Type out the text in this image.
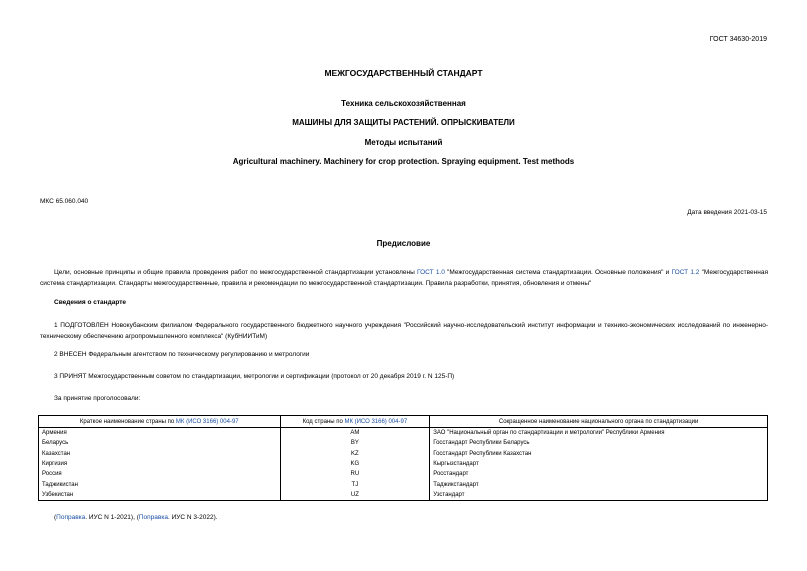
ГОСТ 34630-2019
МЕЖГОСУДАРСТВЕННЫЙ СТАНДАРТ
Техника сельскохозяйственная
МАШИНЫ ДЛЯ ЗАЩИТЫ РАСТЕНИЙ. ОПРЫСКИВАТЕЛИ
Методы испытаний
Agricultural machinery. Machinery for crop protection. Spraying equipment. Test methods
МКС 65.060.040
Дата введения 2021-03-15
Предисловие
Цели, основные принципы и общие правила проведения работ по межгосударственной стандартизации установлены ГОСТ 1.0 "Межгосударственная система стандартизации. Основные положения" и ГОСТ 1.2 "Межгосударственная система стандартизации. Стандарты межгосударственные, правила и рекомендации по межгосударственной стандартизации. Правила разработки, принятия, обновления и отмены"
Сведения о стандарте
1 ПОДГОТОВЛЕН Новокубанским филиалом Федерального государственного бюджетного научного учреждения "Российский научно-исследовательский институт информации и технико-экономических исследований по инженерно-техническому обеспечению агропромышленного комплекса" (КубНИИТиМ)
2 ВНЕСЕН Федеральным агентством по техническому регулированию и метрологии
3 ПРИНЯТ Межгосударственным советом по стандартизации, метрологии и сертификации (протокол от 20 декабря 2019 г. N 125-П)
За принятие проголосовали:
Краткое наименование страны по МК (ИСО 3166) 004-97	Код страны по МК (ИСО 3166) 004-97	Сокращенное наименование национального органа по стандартизации
Армения	AM	ЗАО "Национальный орган по стандартизации и метрологии" Республики Армения
Беларусь	BY	Госстандарт Республики Беларусь
Казахстан	KZ	Госстандарт Республики Казахстан
Киргизия	KG	Кыргызстандарт
Россия	RU	Росстандарт
Таджикистан	TJ	Таджикстандарт
Узбекистан	UZ	Узстандарт
(Поправка. ИУС N 1-2021), (Поправка. ИУС N 3-2022).
